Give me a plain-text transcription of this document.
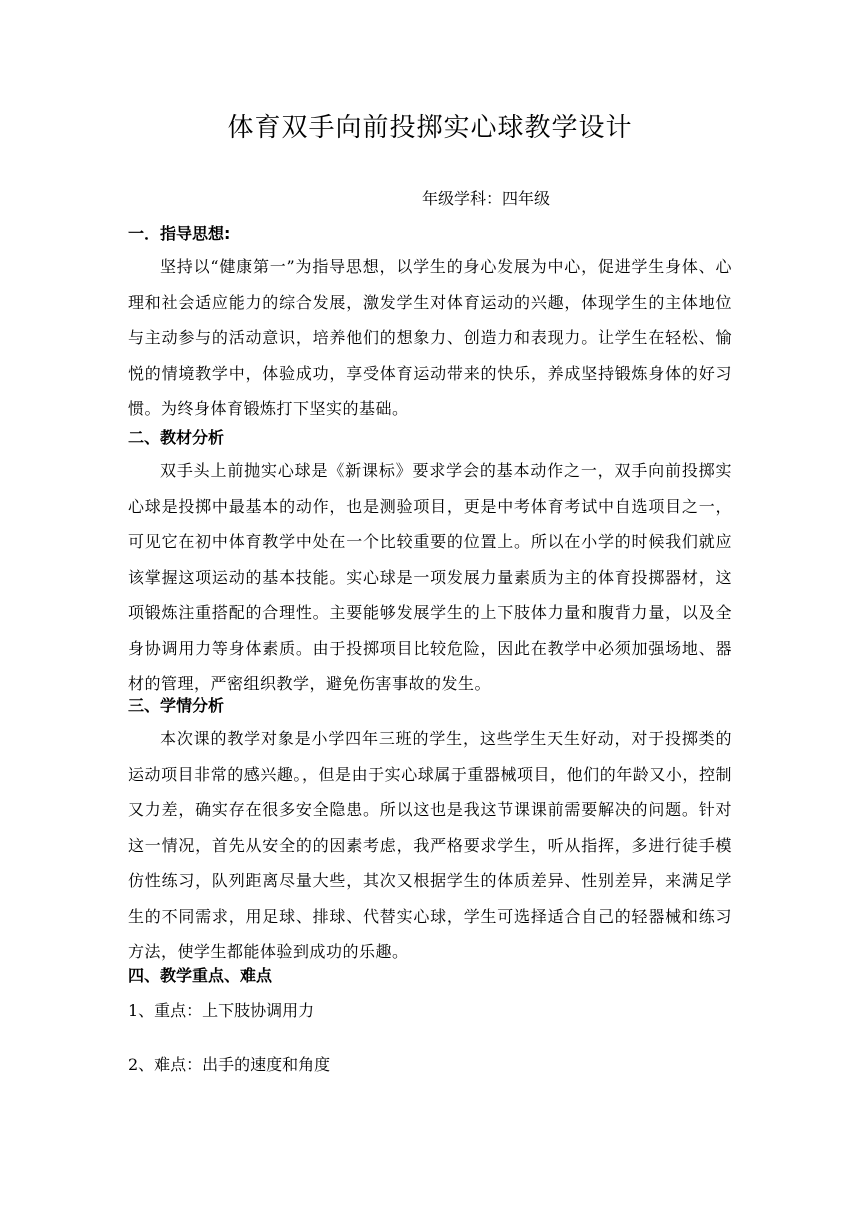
体育双手向前投掷实心球教学设计
年级学科：四年级
一．指导思想:

坚持以“健康第一”为指导思想，以学生的身心发展为中心，促进学生身体、心理和社会适应能力的综合发展，激发学生对体育运动的兴趣，体现学生的主体地位与主动参与的活动意识，培养他们的想象力、创造力和表现力。让学生在轻松、愉悦的情境教学中，体验成功，享受体育运动带来的快乐，养成坚持锻炼身体的好习惯。为终身体育锻炼打下坚实的基础。

二、教材分析

双手头上前抛实心球是《新课标》要求学会的基本动作之一，双手向前投掷实心球是投掷中最基本的动作，也是测验项目，更是中考体育考试中自选项目之一，可见它在初中体育教学中处在一个比较重要的位置上。所以在小学的时候我们就应该掌握这项运动的基本技能。实心球是一项发展力量素质为主的体育投掷器材，这项锻炼注重搭配的合理性。主要能够发展学生的上下肢体力量和腹背力量，以及全身协调用力等身体素质。由于投掷项目比较危险，因此在教学中必须加强场地、器材的管理，严密组织教学，避免伤害事故的发生。

三、学情分析

本次课的教学对象是小学四年三班的学生，这些学生天生好动，对于投掷类的运动项目非常的感兴趣。，但是由于实心球属于重器械项目，他们的年龄又小，控制又力差，确实存在很多安全隐患。所以这也是我这节课课前需要解决的问题。针对这一情况，首先从安全的的因素考虑，我严格要求学生，听从指挥，多进行徒手模仿性练习，队列距离尽量大些，其次又根据学生的体质差异、性别差异，来满足学生的不同需求，用足球、排球、代替实心球，学生可选择适合自己的轻器械和练习方法，使学生都能体验到成功的乐趣。

四、教学重点、难点
1、重点：上下肢协调用力
2、难点：出手的速度和角度
